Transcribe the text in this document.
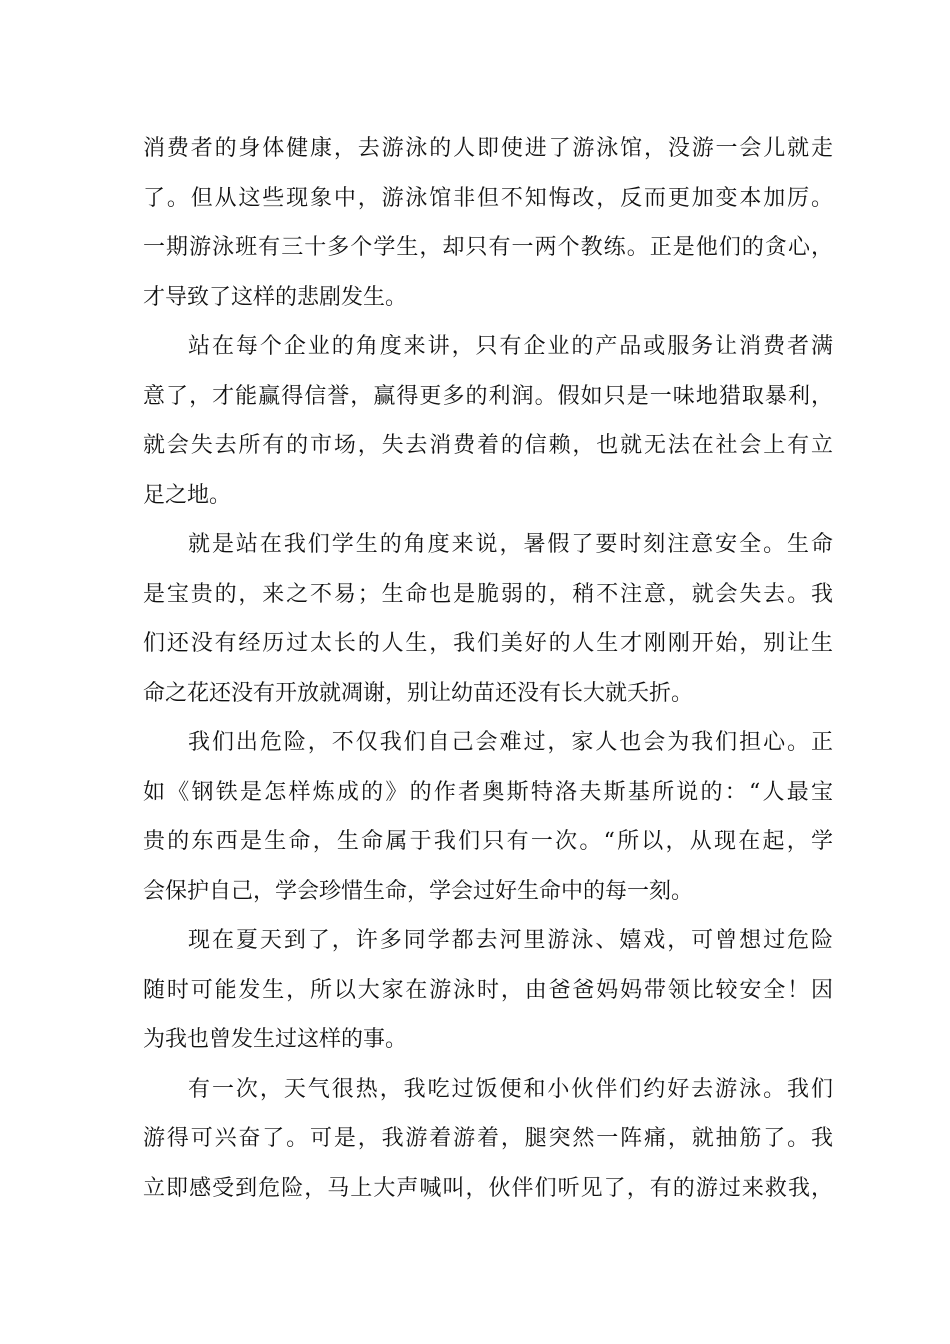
消费者的身体健康，去游泳的人即使进了游泳馆，没游一会儿就走
了。但从这些现象中，游泳馆非但不知悔改，反而更加变本加厉。
一期游泳班有三十多个学生，却只有一两个教练。正是他们的贪心，
才导致了这样的悲剧发生。
站在每个企业的角度来讲，只有企业的产品或服务让消费者满
意了，才能赢得信誉，赢得更多的利润。假如只是一味地猎取暴利，
就会失去所有的市场，失去消费着的信赖，也就无法在社会上有立
足之地。
就是站在我们学生的角度来说，暑假了要时刻注意安全。生命
是宝贵的，来之不易；生命也是脆弱的，稍不注意，就会失去。我
们还没有经历过太长的人生，我们美好的人生才刚刚开始，别让生
命之花还没有开放就凋谢，别让幼苗还没有长大就夭折。
我们出危险，不仅我们自己会难过，家人也会为我们担心。正
如《钢铁是怎样炼成的》的作者奥斯特洛夫斯基所说的：“人最宝
贵的东西是生命，生命属于我们只有一次。“所以，从现在起，学
会保护自己，学会珍惜生命，学会过好生命中的每一刻。
现在夏天到了，许多同学都去河里游泳、嬉戏，可曾想过危险
随时可能发生，所以大家在游泳时，由爸爸妈妈带领比较安全！因
为我也曾发生过这样的事。
有一次，天气很热，我吃过饭便和小伙伴们约好去游泳。我们
游得可兴奋了。可是，我游着游着，腿突然一阵痛，就抽筋了。我
立即感受到危险，马上大声喊叫，伙伴们听见了，有的游过来救我，
